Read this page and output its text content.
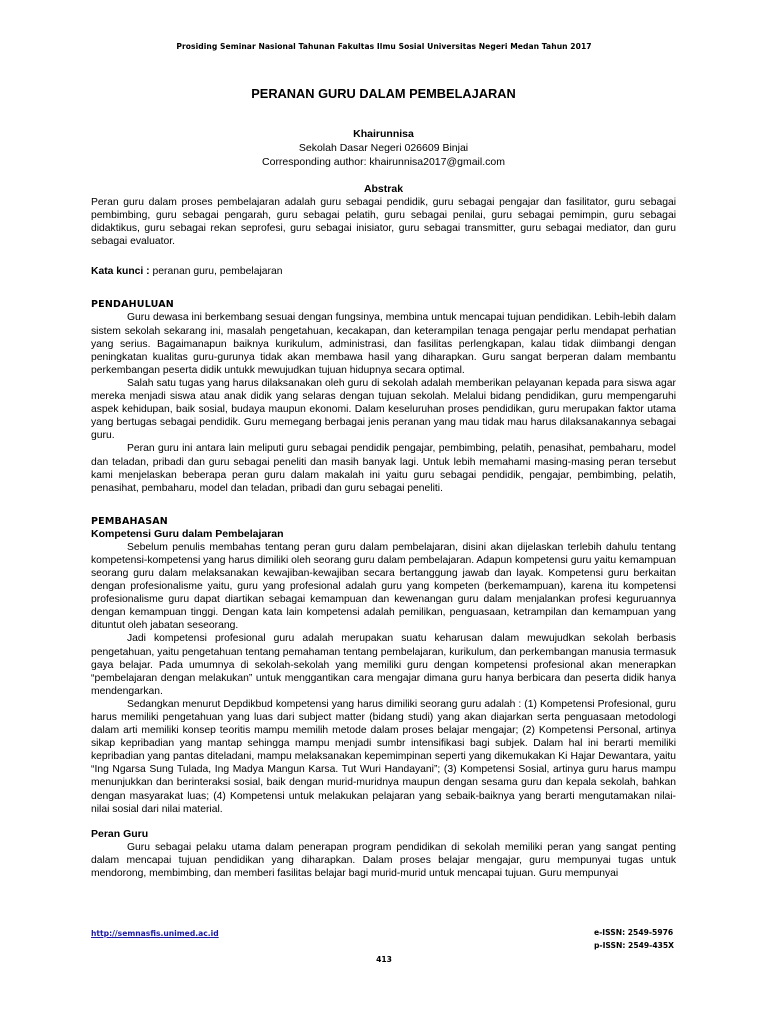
Prosiding Seminar Nasional Tahunan Fakultas Ilmu Sosial Universitas Negeri Medan Tahun 2017

PERANAN GURU DALAM PEMBELAJARAN

Khairunnisa

Sekolah Dasar Negeri 026609 Binjai

Corresponding author: khairunnisa2017@gmail.com

Abstrak

Peran guru dalam proses pembelajaran adalah guru sebagai pendidik, guru sebagai pengajar dan fasilitator, guru sebagai pembimbing, guru sebagai pengarah, guru sebagai pelatih, guru sebagai penilai, guru sebagai pemimpin, guru sebagai didaktikus, guru sebagai rekan seprofesi, guru sebagai inisiator, guru sebagai transmitter, guru sebagai mediator, dan guru sebagai evaluator.

Kata kunci : peranan guru, pembelajaran

PENDAHULUAN

Guru dewasa ini berkembang sesuai dengan fungsinya, membina untuk mencapai tujuan pendidikan. Lebih-lebih dalam sistem sekolah sekarang ini, masalah pengetahuan, kecakapan, dan keterampilan tenaga pengajar perlu mendapat perhatian yang serius. Bagaimanapun baiknya kurikulum, administrasi, dan fasilitas perlengkapan, kalau tidak diimbangi dengan peningkatan kualitas guru-gurunya tidak akan membawa hasil yang diharapkan. Guru sangat berperan dalam membantu perkembangan peserta didik untukk mewujudkan tujuan hidupnya secara optimal.

Salah satu tugas yang harus dilaksanakan oleh guru di sekolah adalah memberikan pelayanan kepada para siswa agar mereka menjadi siswa atau anak didik yang selaras dengan tujuan sekolah. Melalui bidang pendidikan, guru mempengaruhi aspek kehidupan, baik sosial, budaya maupun ekonomi. Dalam keseluruhan proses pendidikan, guru merupakan faktor utama yang bertugas sebagai pendidik. Guru memegang berbagai jenis peranan yang mau tidak mau harus dilaksanakannya sebagai guru.

Peran guru ini antara lain meliputi guru sebagai pendidik pengajar, pembimbing, pelatih, penasihat, pembaharu, model dan teladan, pribadi dan guru sebagai peneliti dan masih banyak lagi. Untuk lebih memahami masing-masing peran tersebut kami menjelaskan beberapa peran guru dalam makalah ini yaitu guru sebagai pendidik, pengajar, pembimbing, pelatih, penasihat, pembaharu, model dan teladan, pribadi dan guru sebagai peneliti.

PEMBAHASAN

Kompetensi Guru dalam Pembelajaran

Sebelum penulis membahas tentang peran guru dalam pembelajaran, disini akan dijelaskan terlebih dahulu tentang kompetensi-kompetensi yang harus dimiliki oleh seorang guru dalam pembelajaran. Adapun kompetensi guru yaitu kemampuan seorang guru dalam melaksanakan kewajiban-kewajiban secara bertanggung jawab dan layak. Kompetensi guru berkaitan dengan profesionalisme yaitu, guru yang profesional adalah guru yang kompeten (berkemampuan), karena itu kompetensi profesionalisme guru dapat diartikan sebagai kemampuan dan kewenangan guru dalam menjalankan profesi keguruannya dengan kemampuan tinggi. Dengan kata lain kompetensi adalah pemilikan, penguasaan, ketrampilan dan kemampuan yang dituntut oleh jabatan seseorang.

Jadi kompetensi profesional guru adalah merupakan suatu keharusan dalam mewujudkan sekolah berbasis pengetahuan, yaitu pengetahuan tentang pemahaman tentang pembelajaran, kurikulum, dan perkembangan manusia termasuk gaya belajar. Pada umumnya di sekolah-sekolah yang memiliki guru dengan kompetensi profesional akan menerapkan “pembelajaran dengan melakukan” untuk menggantikan cara mengajar dimana guru hanya berbicara dan peserta didik hanya mendengarkan.

Sedangkan menurut Depdikbud kompetensi yang harus dimiliki seorang guru adalah : (1) Kompetensi Profesional, guru harus memiliki pengetahuan yang luas dari subject matter (bidang studi) yang akan diajarkan serta penguasaan metodologi dalam arti memiliki konsep teoritis mampu memilih metode dalam proses belajar mengajar; (2) Kompetensi Personal, artinya sikap kepribadian yang mantap sehingga mampu menjadi sumbr intensifikasi bagi subjek. Dalam hal ini berarti memiliki kepribadian yang pantas diteladani, mampu melaksanakan kepemimpinan seperti yang dikemukakan Ki Hajar Dewantara, yaitu “Ing Ngarsa Sung Tulada, Ing Madya Mangun Karsa. Tut Wuri Handayani”; (3) Kompetensi Sosial, artinya guru harus mampu menunjukkan dan berinteraksi sosial, baik dengan murid-muridnya maupun dengan sesama guru dan kepala sekolah, bahkan dengan masyarakat luas; (4) Kompetensi untuk melakukan pelajaran yang sebaik-baiknya yang berarti mengutamakan nilai-nilai sosial dari nilai material.

Peran Guru

Guru sebagai pelaku utama dalam penerapan program pendidikan di sekolah memiliki peran yang sangat penting dalam mencapai tujuan pendidikan yang diharapkan. Dalam proses belajar mengajar, guru mempunyai tugas untuk mendorong, membimbing, dan memberi fasilitas belajar bagi murid-murid untuk mencapai tujuan. Guru mempunyai

http://semnasfis.unimed.ac.id	e-ISSN: 2549-5976
p-ISSN: 2549-435X
413
